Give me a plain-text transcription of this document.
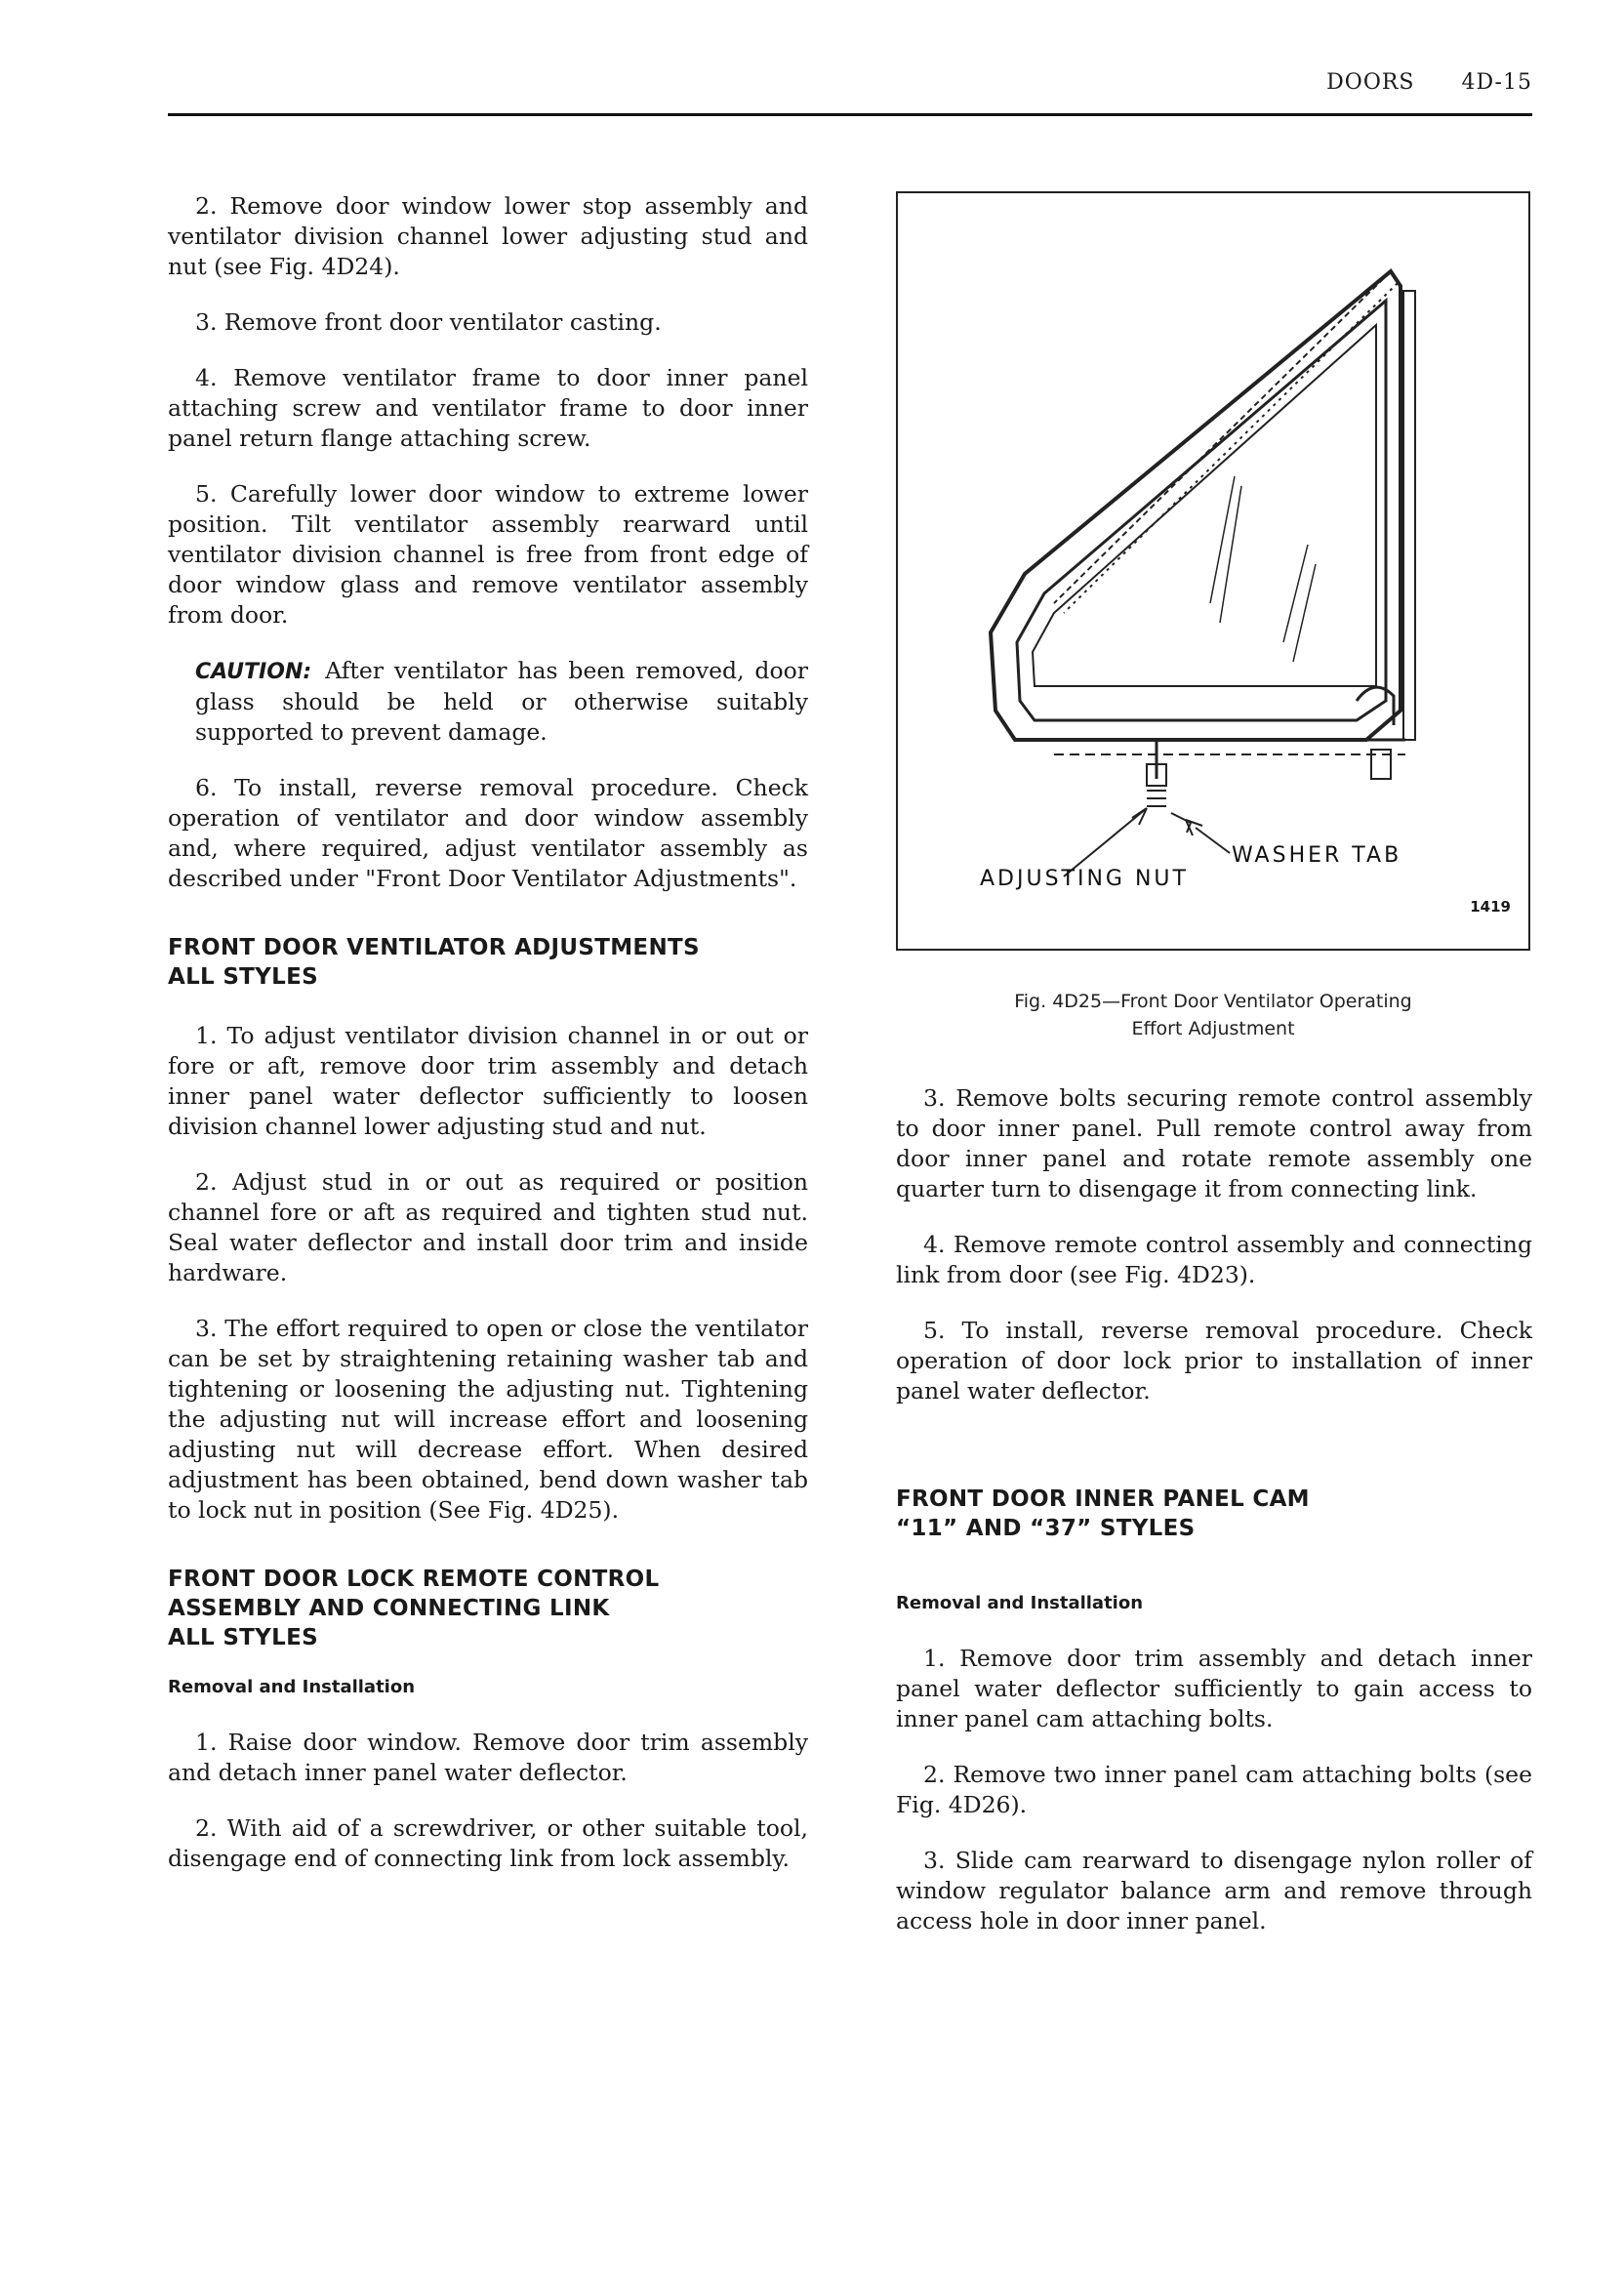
DOORS 4D-15

2. Remove door window lower stop assembly and ventilator division channel lower adjusting stud and nut (see Fig. 4D24).

3. Remove front door ventilator casting.

4. Remove ventilator frame to door inner panel attaching screw and ventilator frame to door inner panel return flange attaching screw.

5. Carefully lower door window to extreme lower position. Tilt ventilator assembly rearward until ventilator division channel is free from front edge of door window glass and remove ventilator assembly from door.

CAUTION: After ventilator has been removed, door glass should be held or otherwise suitably supported to prevent damage.

6. To install, reverse removal procedure. Check operation of ventilator and door window assembly and, where required, adjust ventilator assembly as described under "Front Door Ventilator Adjustments".

FRONT DOOR VENTILATOR ADJUSTMENTS
ALL STYLES

1. To adjust ventilator division channel in or out or fore or aft, remove door trim assembly and detach inner panel water deflector sufficiently to loosen division channel lower adjusting stud and nut.

2. Adjust stud in or out as required or position channel fore or aft as required and tighten stud nut. Seal water deflector and install door trim and inside hardware.

3. The effort required to open or close the ventilator can be set by straightening retaining washer tab and tightening or loosening the adjusting nut. Tightening the adjusting nut will increase effort and loosening adjusting nut will decrease effort. When desired adjustment has been obtained, bend down washer tab to lock nut in position (See Fig. 4D25).

FRONT DOOR LOCK REMOTE CONTROL
ASSEMBLY AND CONNECTING LINK
ALL STYLES
Removal and Installation

1. Raise door window. Remove door trim assembly and detach inner panel water deflector.

2. With aid of a screwdriver, or other suitable tool, disengage end of connecting link from lock assembly.

WASHER TAB
ADJUSTING NUT
1419
Fig. 4D25—Front Door Ventilator Operating
Effort Adjustment

3. Remove bolts securing remote control assembly to door inner panel. Pull remote control away from door inner panel and rotate remote assembly one quarter turn to disengage it from connecting link.

4. Remove remote control assembly and connecting link from door (see Fig. 4D23).

5. To install, reverse removal procedure. Check operation of door lock prior to installation of inner panel water deflector.

FRONT DOOR INNER PANEL CAM
“11” AND “37” STYLES
Removal and Installation

1. Remove door trim assembly and detach inner panel water deflector sufficiently to gain access to inner panel cam attaching bolts.

2. Remove two inner panel cam attaching bolts (see Fig. 4D26).

3. Slide cam rearward to disengage nylon roller of window regulator balance arm and remove through access hole in door inner panel.
